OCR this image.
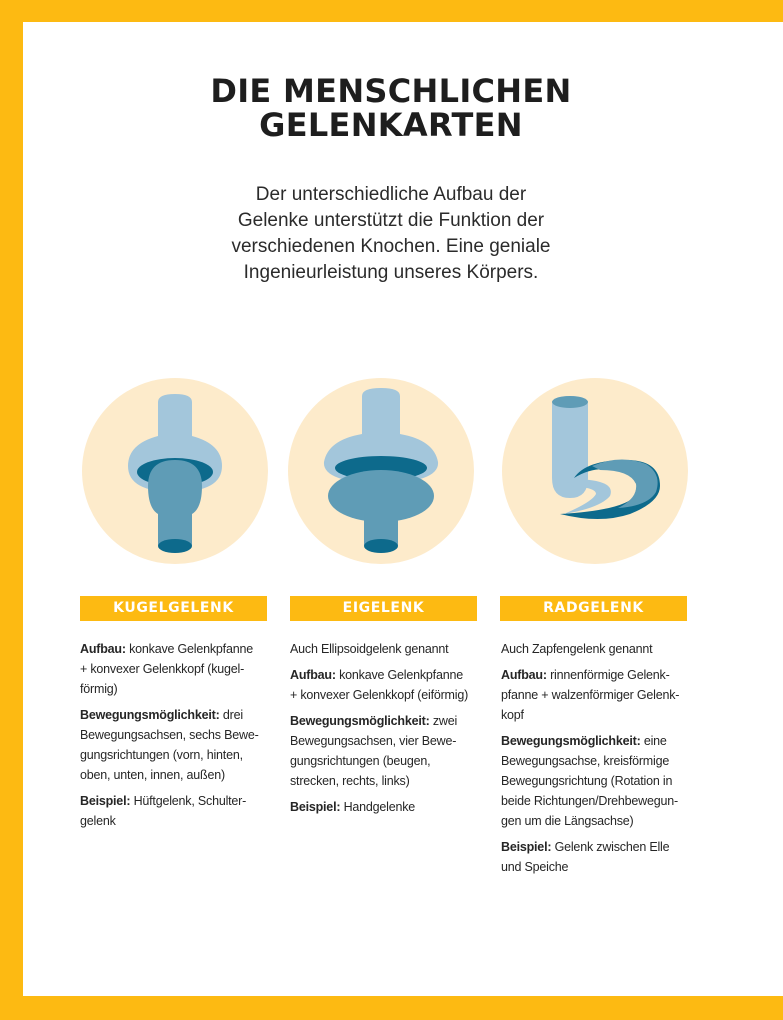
DIE MENSCHLICHEN
GELENKARTEN

Der unterschiedliche Aufbau der
Gelenke unterstützt die Funktion der
verschiedenen Knochen. Eine geniale
Ingenieurleistung unseres Körpers.

KUGELGELENK	EIGELENK	RADGELENK

Aufbau: konkave Gelenkpfanne
+ konvexer Gelenkkopf (kugel-
förmig)

Bewegungsmöglichkeit: drei
Bewegungsachsen, sechs Bewe-
gungsrichtungen (vorn, hinten,
oben, unten, innen, außen)

Beispiel: Hüftgelenk, Schulter-
gelenk

Auch Ellipsoidgelenk genannt

Aufbau: konkave Gelenkpfanne
+ konvexer Gelenkkopf (eiförmig)

Bewegungsmöglichkeit: zwei
Bewegungsachsen, vier Bewe-
gungsrichtungen (beugen,
strecken, rechts, links)

Beispiel: Handgelenke

Auch Zapfengelenk genannt

Aufbau: rinnenförmige Gelenk-
pfanne + walzenförmiger Gelenk-
kopf

Bewegungsmöglichkeit: eine
Bewegungsachse, kreisförmige
Bewegungsrichtung (Rotation in
beide Richtungen/Drehbewegun-
gen um die Längsachse)

Beispiel: Gelenk zwischen Elle
und Speiche
